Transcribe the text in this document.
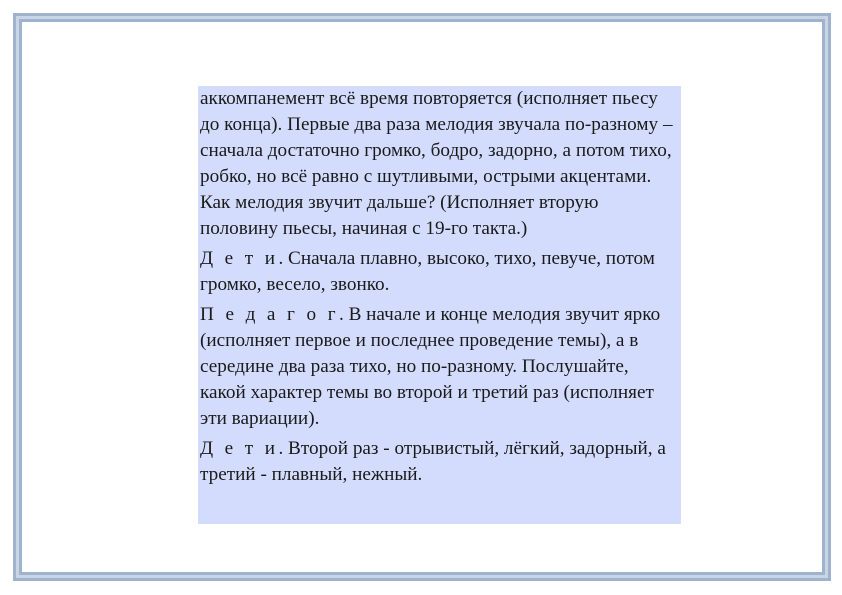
аккомпанемент всё время повторяется (исполняет пьесу до конца). Первые два раза мелодия звучала по-разному – сначала достаточно громко, бодро, задорно, а потом тихо, робко, но всё равно с шутливыми, острыми акцентами. Как мелодия звучит дальше? (Исполняет вторую половину пьесы, начиная с 19-го такта.)

Д е т и. Сначала плавно, высоко, тихо, певуче, потом громко, весело, звонко.

П е д а г о г. В начале и конце мелодия звучит ярко (исполняет первое и последнее проведение темы), а в середине два раза тихо, но по-разному. Послушайте, какой характер темы во второй и третий раз (исполняет эти вариации).

Д е т и. Второй раз - отрывистый, лёгкий, задорный, а третий - плавный, нежный.
